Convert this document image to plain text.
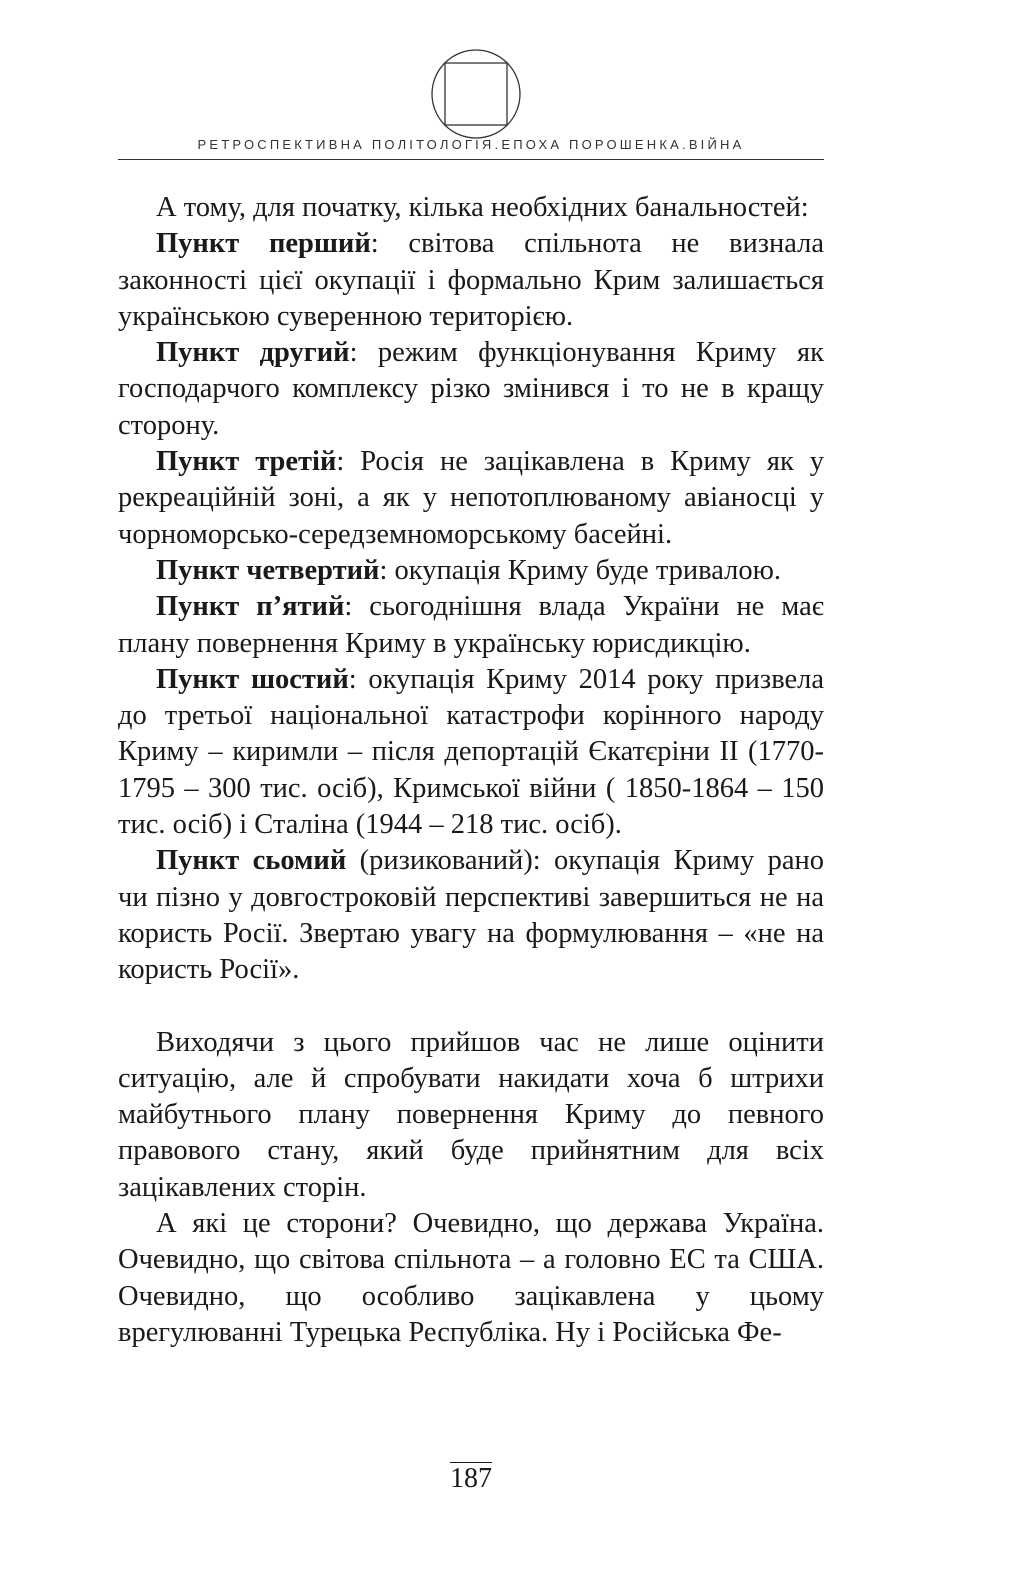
РЕТРОСПЕКТИВНА ПОЛІТОЛОГІЯ.ЕПОХА ПОРОШЕНКА.ВІЙНА

А тому, для початку, кілька необхідних банальностей:

Пункт перший: світова спільнота не визнала законності цієї окупації і формально Крим залишається українською суверенною територією.

Пункт другий: режим функціонування Криму як господарчого комплексу різко змінився і то не в кращу сторону.

Пункт третій: Росія не зацікавлена в Криму як у рекреаційній зоні, а як у непотоплюваному авіаносці у чорноморсько-середземноморському басейні.

Пункт четвертий: окупація Криму буде тривалою.

Пункт п’ятий: сьогоднішня влада України не має плану повернення Криму в українську юрисдикцію.

Пункт шостий: окупація Криму 2014 року призвела до третьої національної катастрофи корінного народу Криму – киримли – після депортацій Єкатєріни ІІ (1770-1795 – 300 тис. осіб), Кримської війни ( 1850-1864 – 150 тис. осіб) і Сталіна (1944 – 218 тис. осіб).

Пункт сьомий (ризикований): окупація Криму рано чи пізно у довгостроковій перспективі завершиться не на користь Росії. Звертаю увагу на формулювання – «не на користь Росії».

Виходячи з цього прийшов час не лише оцінити ситуацію, але й спробувати накидати хоча б штрихи майбутнього плану повернення Криму до певного правового стану, який буде прийнятним для всіх зацікавлених сторін.

А які це сторони? Очевидно, що держава Україна. Очевидно, що світова спільнота – а головно ЕС та США. Очевидно, що особливо зацікавлена у цьому врегулюванні Турецька Республіка. Ну і Російська Фе-

187
